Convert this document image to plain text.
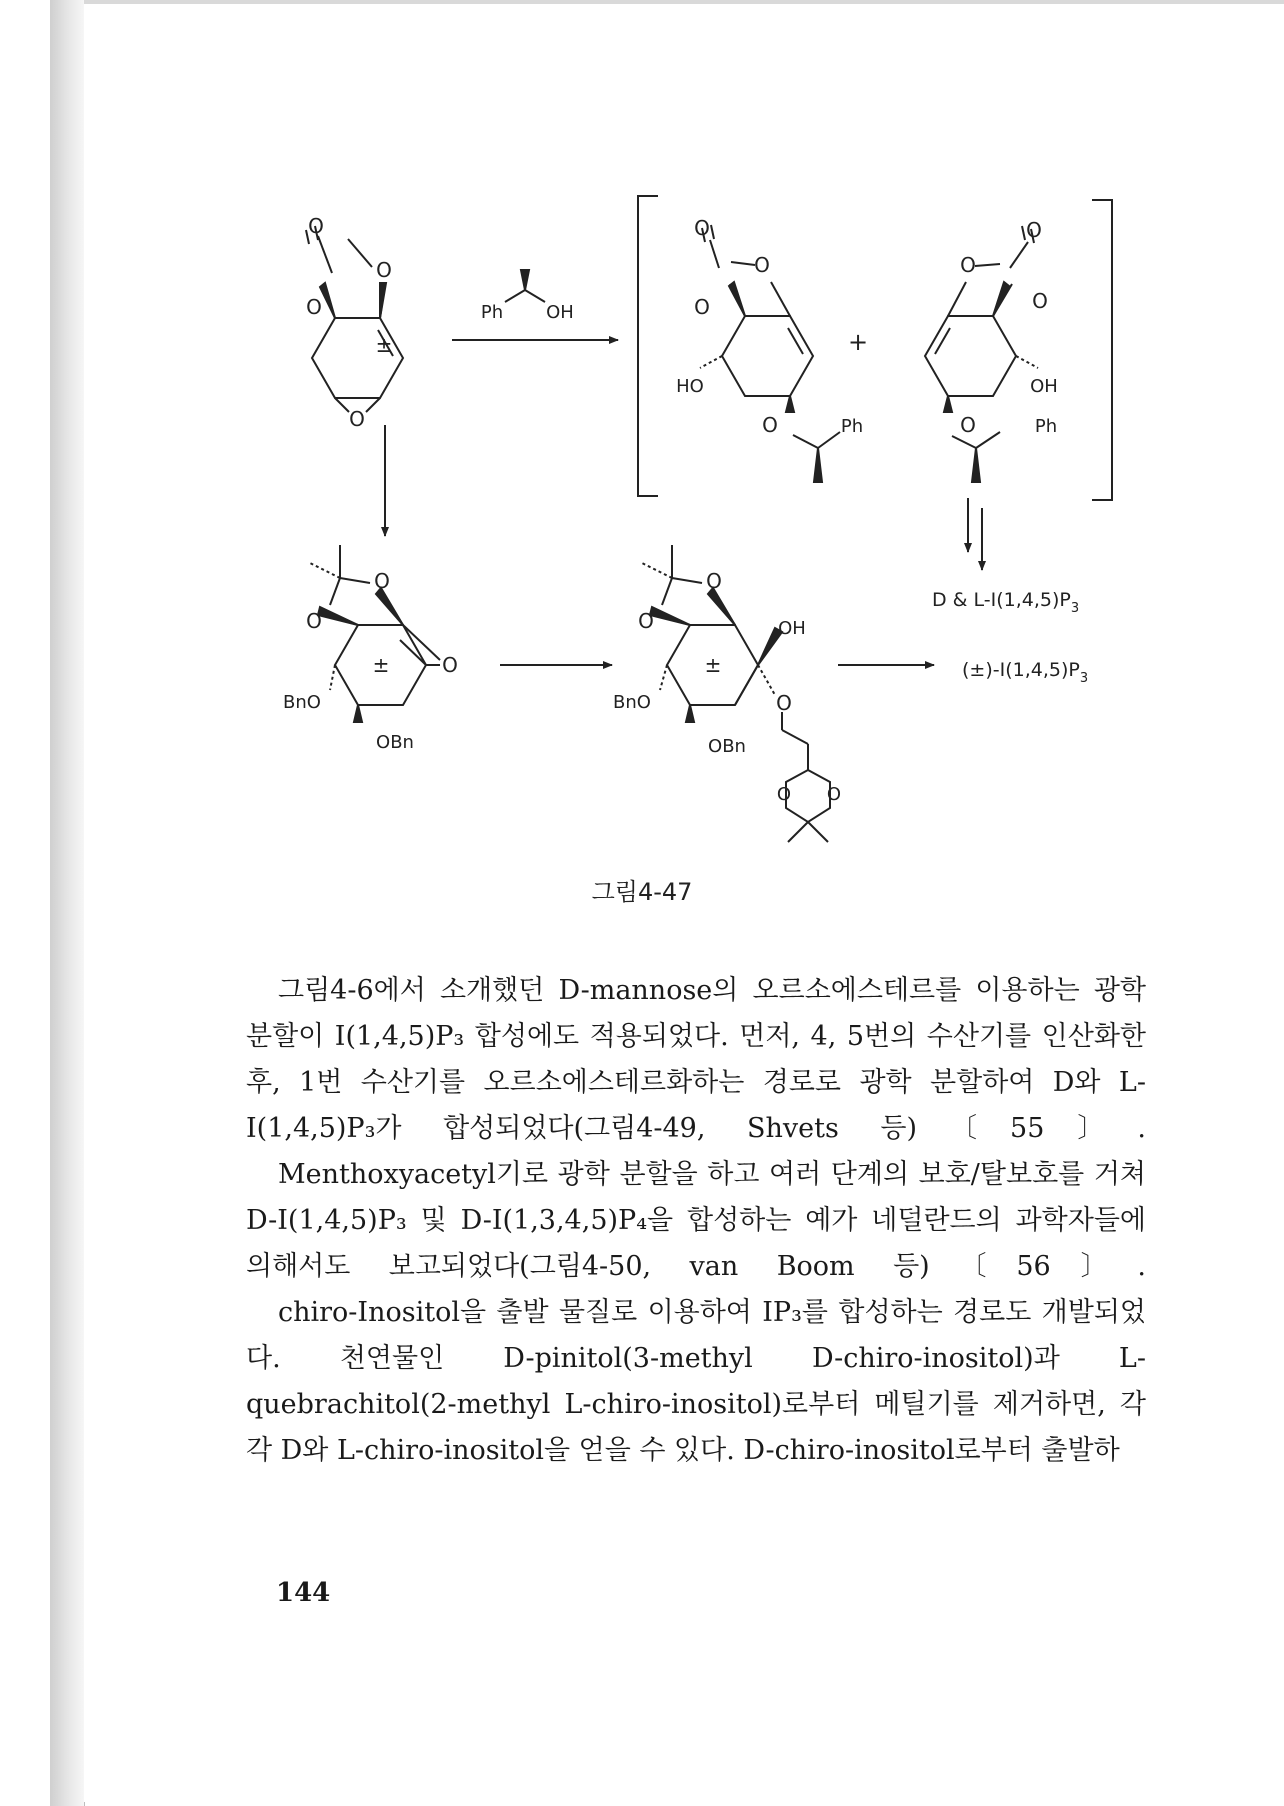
O
O
O
O
±
Ph OH
O
O
O
HO
O	Ph
+
O
O
O
OH
O	Ph
D & $L-I(1,4,5)P_3$
$(\pm)-I(1,4,5)P_3$
O
O
±	O
BnO
OBn
O
O
±
OH
O
BnO
OBn
O O
그림4-47

그림4-6에서 소개했던 D-mannose의 오르소에스테르를 이용하는 광학 분할이 I(1,4,5)P₃ 합성에도 적용되었다. 먼저, 4, 5번의 수산기를 인산화한 후, 1번 수산기를 오르소에스테르화하는 경로로 광학 분할하여 D와 L-I(1,4,5)P₃가 합성되었다(그림4-49, Shvets 등)〔55〕.

Menthoxyacetyl기로 광학 분할을 하고 여러 단계의 보호/탈보호를 거쳐 D-I(1,4,5)P₃ 및 D-I(1,3,4,5)P₄을 합성하는 예가 네덜란드의 과학자들에 의해서도 보고되었다(그림4-50, van Boom 등)〔56〕.

chiro-Inositol을 출발 물질로 이용하여 IP₃를 합성하는 경로도 개발되었다. 천연물인 D-pinitol(3-methyl D-chiro-inositol)과 L-quebrachitol(2-methyl L-chiro-inositol)로부터 메틸기를 제거하면, 각각 D와 L-chiro-inositol을 얻을 수 있다. D-chiro-inositol로부터 출발하

144
